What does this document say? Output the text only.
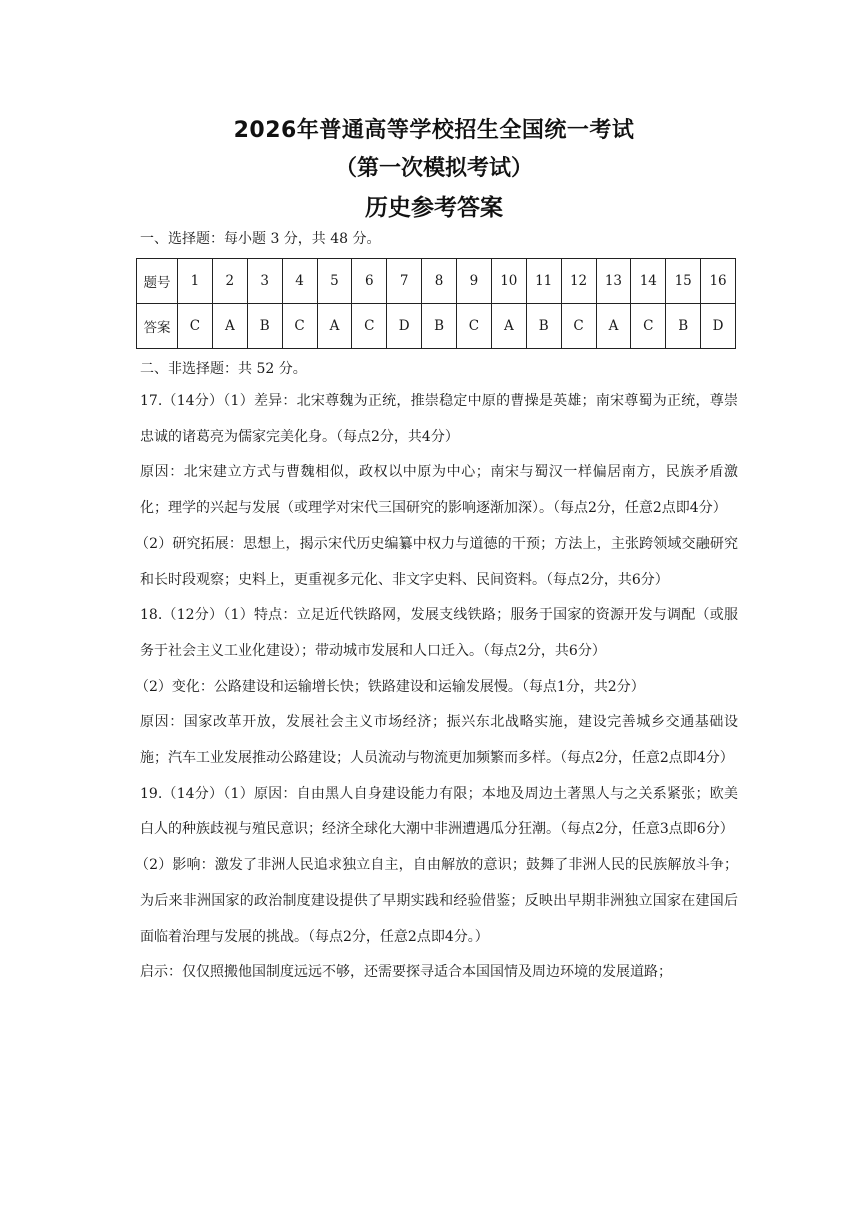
2026年普通高等学校招生全国统一考试
（第一次模拟考试）
历史参考答案

一、选择题：每小题 3 分，共 48 分。

题号	1	2	3	4	5	6	7	8	9	10	11	12	13	14	15	16
答案	C	A	B	C	A	C	D	B	C	A	B	C	A	C	B	D

二、非选择题：共 52 分。

17.（14分）（1）差异：北宋尊魏为正统，推崇稳定中原的曹操是英雄；南宋尊蜀为正统，尊崇忠诚的诸葛亮为儒家完美化身。（每点2分，共4分）

原因：北宋建立方式与曹魏相似，政权以中原为中心；南宋与蜀汉一样偏居南方，民族矛盾激化；理学的兴起与发展（或理学对宋代三国研究的影响逐渐加深）。（每点2分，任意2点即4分）

（2）研究拓展：思想上，揭示宋代历史编纂中权力与道德的干预；方法上，主张跨领域交融研究和长时段观察；史料上，更重视多元化、非文字史料、民间资料。（每点2分，共6分）

18.（12分）（1）特点：立足近代铁路网，发展支线铁路；服务于国家的资源开发与调配（或服务于社会主义工业化建设）；带动城市发展和人口迁入。（每点2分，共6分）

（2）变化：公路建设和运输增长快；铁路建设和运输发展慢。（每点1分，共2分）

原因：国家改革开放，发展社会主义市场经济；振兴东北战略实施，建设完善城乡交通基础设施；汽车工业发展推动公路建设；人员流动与物流更加频繁而多样。（每点2分，任意2点即4分）

19.（14分）（1）原因：自由黑人自身建设能力有限；本地及周边土著黑人与之关系紧张；欧美白人的种族歧视与殖民意识；经济全球化大潮中非洲遭遇瓜分狂潮。（每点2分，任意3点即6分）

（2）影响：激发了非洲人民追求独立自主，自由解放的意识；鼓舞了非洲人民的民族解放斗争；为后来非洲国家的政治制度建设提供了早期实践和经验借鉴；反映出早期非洲独立国家在建国后面临着治理与发展的挑战。（每点2分，任意2点即4分。）

启示：仅仅照搬他国制度远远不够，还需要探寻适合本国国情及周边环境的发展道路；
